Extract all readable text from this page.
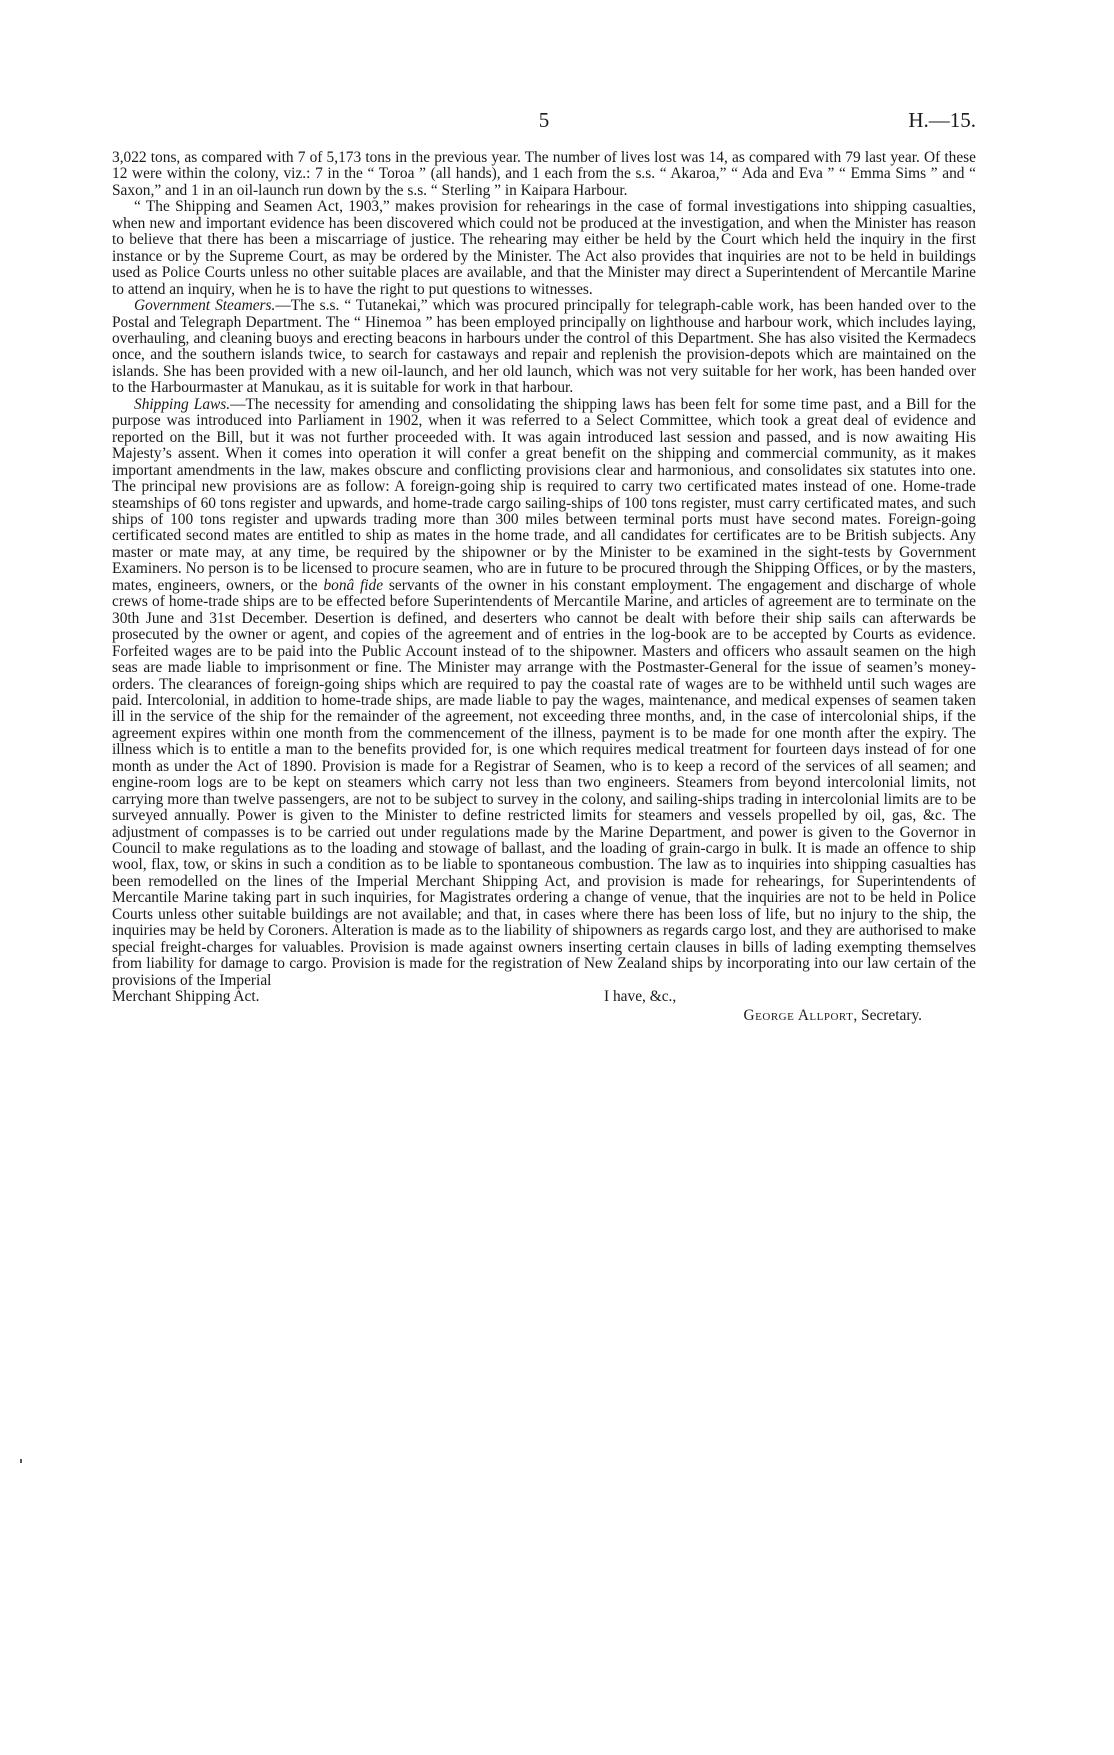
5	H.—15.

3,022 tons, as compared with 7 of 5,173 tons in the previous year. The number of lives lost was 14, as compared with 79 last year. Of these 12 were within the colony, viz.: 7 in the “ Toroa ” (all hands), and 1 each from the s.s. “ Akaroa,” “ Ada and Eva ” “ Emma Sims ” and “ Saxon,” and 1 in an oil-launch run down by the s.s. “ Sterling ” in Kaipara Harbour.

“ The Shipping and Seamen Act, 1903,” makes provision for rehearings in the case of formal investigations into shipping casualties, when new and important evidence has been discovered which could not be produced at the investigation, and when the Minister has reason to believe that there has been a miscarriage of justice. The rehearing may either be held by the Court which held the inquiry in the first instance or by the Supreme Court, as may be ordered by the Minister. The Act also provides that inquiries are not to be held in buildings used as Police Courts unless no other suitable places are available, and that the Minister may direct a Superintendent of Mercantile Marine to attend an inquiry, when he is to have the right to put questions to witnesses.

Government Steamers.—The s.s. “ Tutanekai,” which was procured principally for telegraph-cable work, has been handed over to the Postal and Telegraph Department. The “ Hinemoa ” has been employed principally on lighthouse and harbour work, which includes laying, overhauling, and cleaning buoys and erecting beacons in harbours under the control of this Department. She has also visited the Kermadecs once, and the southern islands twice, to search for castaways and repair and replenish the provision-depots which are maintained on the islands. She has been provided with a new oil-launch, and her old launch, which was not very suitable for her work, has been handed over to the Harbourmaster at Manukau, as it is suitable for work in that harbour.

Shipping Laws.—The necessity for amending and consolidating the shipping laws has been felt for some time past, and a Bill for the purpose was introduced into Parliament in 1902, when it was referred to a Select Committee, which took a great deal of evidence and reported on the Bill, but it was not further proceeded with. It was again introduced last session and passed, and is now awaiting His Majesty’s assent. When it comes into operation it will confer a great benefit on the shipping and commercial community, as it makes important amendments in the law, makes obscure and conflicting provisions clear and harmonious, and consolidates six statutes into one. The principal new provisions are as follow: A foreign-going ship is required to carry two certificated mates instead of one. Home-trade steamships of 60 tons register and upwards, and home-trade cargo sailing-ships of 100 tons register, must carry certificated mates, and such ships of 100 tons register and upwards trading more than 300 miles between terminal ports must have second mates. Foreign-going certificated second mates are entitled to ship as mates in the home trade, and all candidates for certificates are to be British subjects. Any master or mate may, at any time, be required by the shipowner or by the Minister to be examined in the sight-tests by Government Examiners. No person is to be licensed to procure seamen, who are in future to be procured through the Shipping Offices, or by the masters, mates, engineers, owners, or the bonâ fide servants of the owner in his constant employment. The engagement and discharge of whole crews of home-trade ships are to be effected before Superintendents of Mercantile Marine, and articles of agreement are to terminate on the 30th June and 31st December. Desertion is defined, and deserters who cannot be dealt with before their ship sails can afterwards be prosecuted by the owner or agent, and copies of the agreement and of entries in the log-book are to be accepted by Courts as evidence. Forfeited wages are to be paid into the Public Account instead of to the shipowner. Masters and officers who assault seamen on the high seas are made liable to imprisonment or fine. The Minister may arrange with the Postmaster-General for the issue of seamen’s money-orders. The clearances of foreign-going ships which are required to pay the coastal rate of wages are to be withheld until such wages are paid. Intercolonial, in addition to home-trade ships, are made liable to pay the wages, maintenance, and medical expenses of seamen taken ill in the service of the ship for the remainder of the agreement, not exceeding three months, and, in the case of intercolonial ships, if the agreement expires within one month from the commencement of the illness, payment is to be made for one month after the expiry. The illness which is to entitle a man to the benefits provided for, is one which requires medical treatment for fourteen days instead of for one month as under the Act of 1890. Provision is made for a Registrar of Seamen, who is to keep a record of the services of all seamen; and engine-room logs are to be kept on steamers which carry not less than two engineers. Steamers from beyond intercolonial limits, not carrying more than twelve passengers, are not to be subject to survey in the colony, and sailing-ships trading in intercolonial limits are to be surveyed annually. Power is given to the Minister to define restricted limits for steamers and vessels propelled by oil, gas, &c. The adjustment of compasses is to be carried out under regulations made by the Marine Department, and power is given to the Governor in Council to make regulations as to the loading and stowage of ballast, and the loading of grain-cargo in bulk. It is made an offence to ship wool, flax, tow, or skins in such a condition as to be liable to spontaneous combustion. The law as to inquiries into shipping casualties has been remodelled on the lines of the Imperial Merchant Shipping Act, and provision is made for rehearings, for Superintendents of Mercantile Marine taking part in such inquiries, for Magistrates ordering a change of venue, that the inquiries are not to be held in Police Courts unless other suitable buildings are not available; and that, in cases where there has been loss of life, but no injury to the ship, the inquiries may be held by Coroners. Alteration is made as to the liability of shipowners as regards cargo lost, and they are authorised to make special freight-charges for valuables. Provision is made against owners inserting certain clauses in bills of lading exempting themselves from liability for damage to cargo. Provision is made for the registration of New Zealand ships by incorporating into our law certain of the provisions of the Imperial

Merchant Shipping Act.	I have, &c.,
George Allport, Secretary.
